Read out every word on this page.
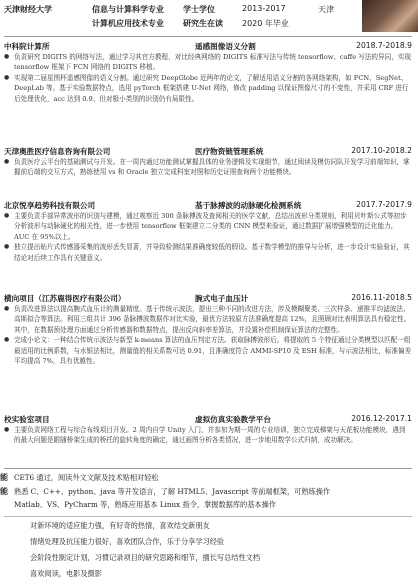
天津财经大学	信息与计算科学专业 学士学位	2013-2017	天津
计算机应用技术专业 研究生在读 2020 年毕业
中科院计算所	遥感图像语义分割	2018.7-2018.9
● 负责研究 DIGITS 的网络写法，通过学习其官方教程，对比经典网络的 DIGITS 标准写法与传统 tensorflow、caffe 写法的异同，实现 tensorflow 框架下 FCN 网络的 DIGITS 移植。
● 实现第二届星图杯遥感图像的语义分割。通过研究 DeepGlobe 近两年的论文，了解适用语义分割的各网络架构，如 FCN、SegNet、DeepLab 等。基于实验数据特点，选用 pyTorch 框架搭建 U-Net 网络，修改 padding 以保证图像尺寸的不变性，并采用 CRF 进行后处理优化，acc 达到 0.9、但对极小类别的识别仍有局限性。
天津奥胜医疗信息咨询有限公司	医疗物资链管理系统	2017.10-2018.2
● 负责医疗云平台的基础测试与开发。在一周内通过功能测试掌握具体的业务逻辑及实现细节，通过阅读及模仿同队开发学习前端知识，掌握前后端的交互方式，熟练使用 vs 和 Oracle 独立完成科室对照和历史证照查询两个功能模块。
北京悦享趋势科技有限公司	基于脉搏波的动脉硬化检测系统	2017.7-2017.9
● 主要负责手部异常波形的识别与建模，通过观察近 300 条脉搏波及查阅相关的医学文献，总结出波形分类规则，利用贝叶斯公式等初步分析波形与动脉硬化的相关性，进一步使用 tensorflow 框架建立二分类的 CNN 模型来验证，通过数据扩展增强模型的泛化能力，AUC 在 95%以上。
● 独立提出贴片式传感器采集的波形丢失显著，并导致检测结果准确度较低的假设。基于数学模型的推导与分析，进一步设计实验验证，其结论对后续工作具有关键意义。
横向项目（江苏鹿得医疗有限公司）	腕式电子血压计	2016.11-2018.5
● 负责改进算法以提高腕式血压计的测量精度。基于传统示波法，提出三种不同的改进方法，涉及模糊聚类、三次样条、递推平均滤波法、高斯拟合等算法。利用三组共计 396 条脉搏波数据作对比实验，最优方法较原方法准确度提高 12%，且照顾对比表明算法具有稳定性。其中，在数据预处理方面通过分析传感器和数据特点，提出反向斜率差算法，并设置补偿机制保证算法的完整性。
● 完成小论文：一种结合传统示波法与新型 k-means 算法的血压判定方法。获取脉搏波形后，将提取的 5 个特征通过分类模型以匹配一组最适用的比例系数，与水银法相比，测量值的相关系数可达 0.91，且准确度符合 AMMI-SP10 及 ESH 标准，与示波法相比，标准偏差平均提高 7%，具有优越性。
校实验室项目	虚拟仿真实验教学平台	2016.12-2017.1
● 主要负责网络工程与综合布线项目开发。2 周内自学 Unity 入门，并参加为期一周的专业培训，独立完成梯架与天花板功能模块，遇到的最大问题是跟随桥架生成的桥托的旋转角度的确定，通过画图分析各类情况，进一步地用数学公式归纳，成功解决。
能 CET6 通过，阅读外文文献及技术贴相对轻松
能 熟悉 C、C++、python、java 等开发语言，了解 HTML5、Javascript 等前端框架，可熟练操作
Matlab、VS、PyCharm 等，熟练应用基本 Linux 指令，掌握数据库的基本操作
对新环境的适应能力强，有好奇的热情，喜欢结交新朋友
情绪处理及抗压能力很好，喜欢团队合作，乐于分享学习经验
会阶段性制定计划，习惯记录项目的研究思路和细节，擅长写总结性文档
喜欢阅读，电影及摄影
